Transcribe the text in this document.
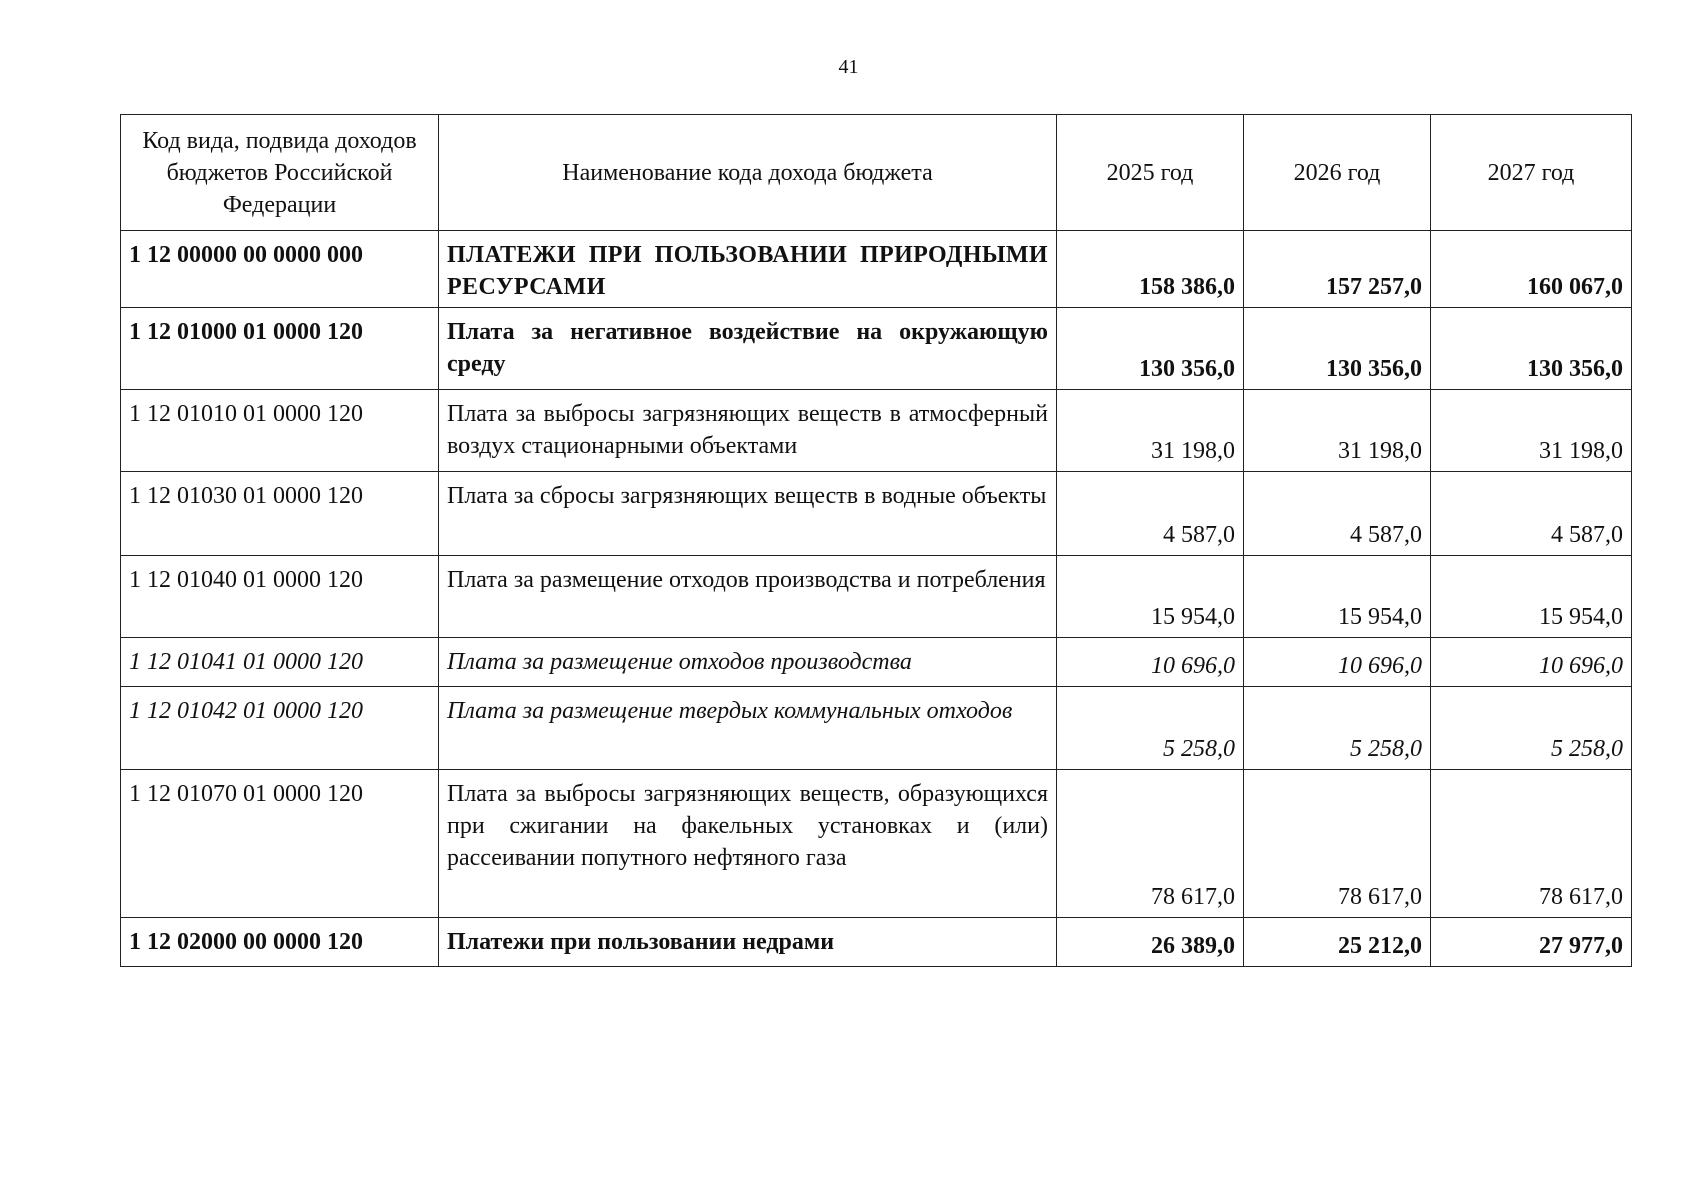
41
Код вида, подвида доходов бюджетов Российской Федерации	Наименование кода дохода бюджета	2025 год	2026 год	2027 год
1 12 00000 00 0000 000	ПЛАТЕЖИ ПРИ ПОЛЬЗОВАНИИ ПРИРОДНЫМИ РЕСУРСАМИ	158 386,0	157 257,0	160 067,0
1 12 01000 01 0000 120	Плата за негативное воздействие на окружающую среду	130 356,0	130 356,0	130 356,0
1 12 01010 01 0000 120	Плата за выбросы загрязняющих веществ в атмосферный воздух стационарными объектами	31 198,0	31 198,0	31 198,0
1 12 01030 01 0000 120	Плата за сбросы загрязняющих веществ в водные объекты	4 587,0	4 587,0	4 587,0
1 12 01040 01 0000 120	Плата за размещение отходов производства и потребления	15 954,0	15 954,0	15 954,0
1 12 01041 01 0000 120	Плата за размещение отходов производства	10 696,0	10 696,0	10 696,0
1 12 01042 01 0000 120	Плата за размещение твердых коммунальных отходов	5 258,0	5 258,0	5 258,0
1 12 01070 01 0000 120	Плата за выбросы загрязняющих веществ, образующихся при сжигании на факельных установках и (или) рассеивании попутного нефтяного газа	78 617,0	78 617,0	78 617,0
1 12 02000 00 0000 120	Платежи при пользовании недрами	26 389,0	25 212,0	27 977,0
